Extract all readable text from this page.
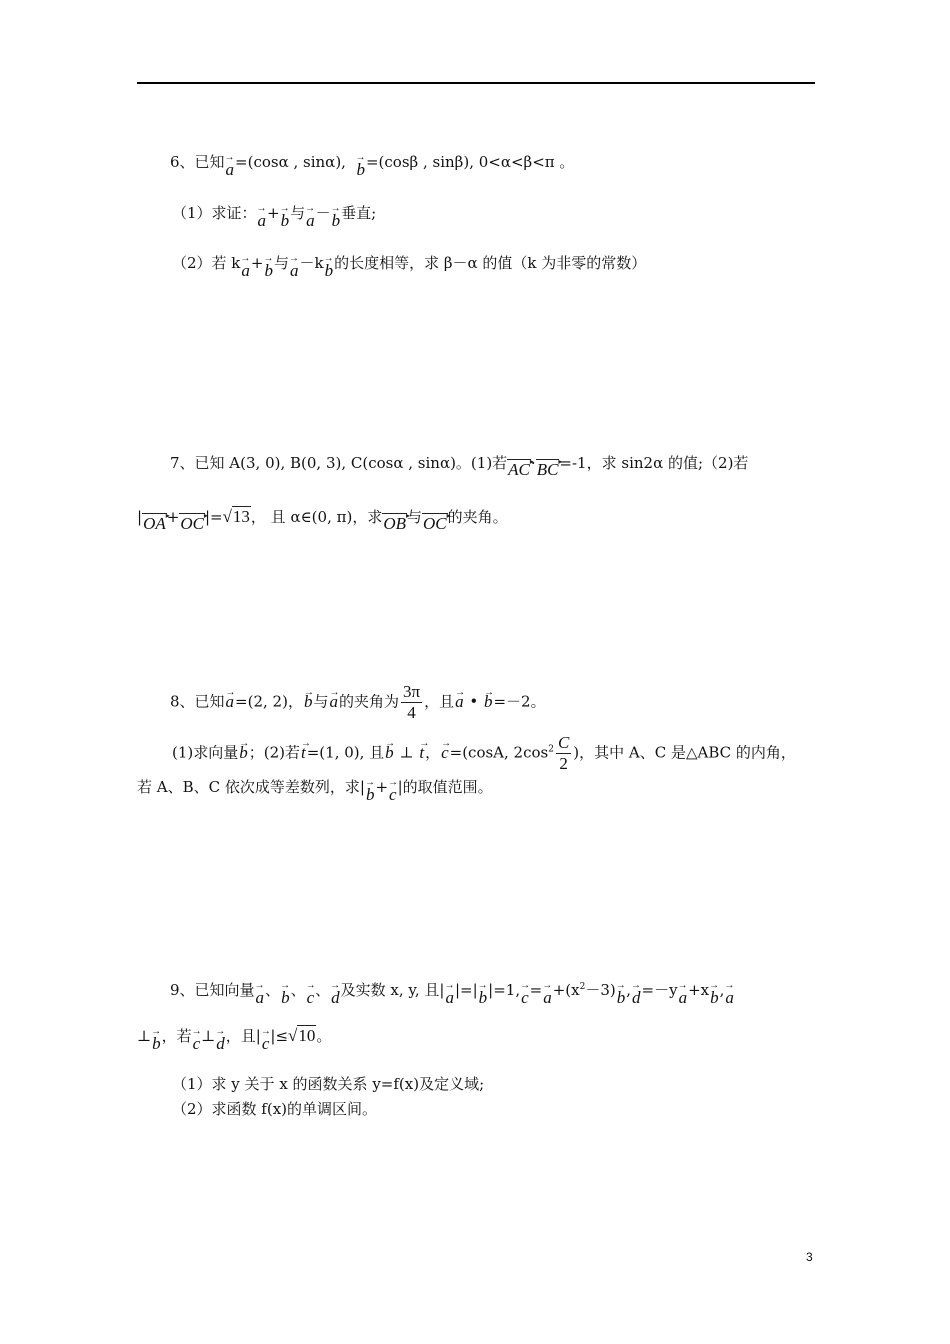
6、已知→ a=(cosα , sinα),  → b=(cosβ , sinβ), 0<α<β<π 。
（1）求证：→ a+→ b与→ a－→ b垂直;
（2）若 k→ a+→ b与→ a－k→ b的长度相等，求 β－α 的值（k 为非零的常数）
7、已知 A(3, 0), B(0, 3), C(cosα , sinα)。(1)若AC ▸·BC ▸=-1，求 sin2α 的值;（2)若
|OA ▸+OC ▸|=√13， 且 α∈(0, π)，求OB ▸与OC ▸的夹角。
8、已知→ a=(2, 2)，→ b与→ a的夹角为 $\frac{3\pi}{4}$ ，且→ a • → b=－2。
(1)求向量→ b；(2)若→ t=(1, 0), 且→ b ⊥ → t，→ c=(cosA, $2\cos^2 \frac{C}{2}$ )，其中 A、C 是△ABC 的内角，
若 A、B、C 依次成等差数列，求|→ b+→ c|的取值范围。
9、已知向量→ a、→ b、→ c、→ d及实数 x, y, 且|→ $a|=|\to b|=1,\to c=\to a+(x^2-3)\to b,\to d=-y\to a+x\to b,\to a$
⊥→ b，若→ c⊥→ d，且|→ c|≤√10。
（1）求 y 关于 x 的函数关系 y=f(x)及定义域;
（2）求函数 f(x)的单调区间。
3
